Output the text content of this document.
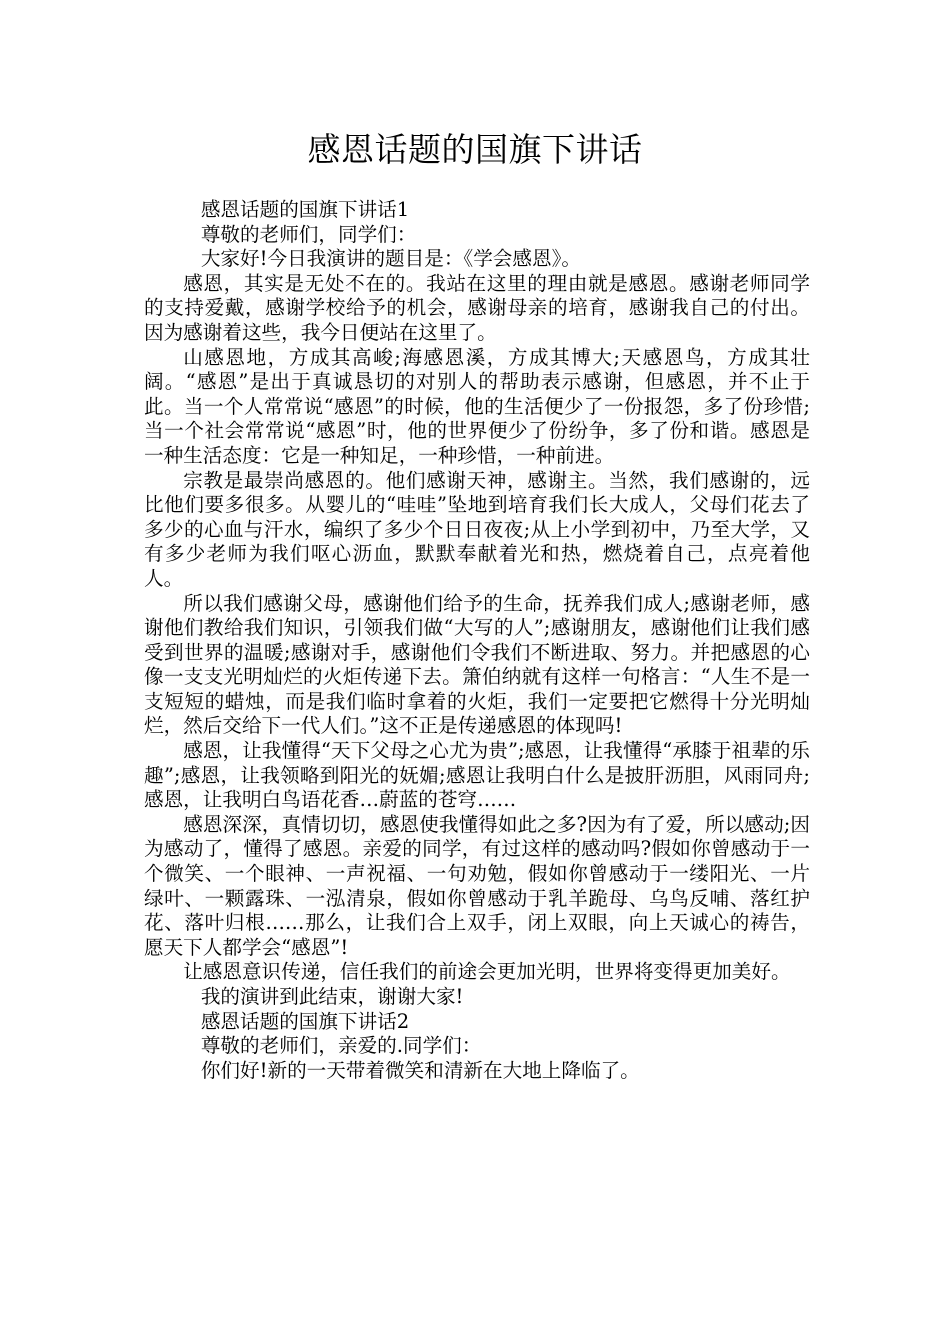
感恩话题的国旗下讲话

感恩话题的国旗下讲话1

尊敬的老师们，同学们：

大家好!今日我演讲的题目是：《学会感恩》。

感恩，其实是无处不在的。我站在这里的理由就是感恩。感谢老师同学的支持爱戴，感谢学校给予的机会，感谢母亲的培育，感谢我自己的付出。因为感谢着这些，我今日便站在这里了。

山感恩地，方成其高峻;海感恩溪，方成其博大;天感恩鸟，方成其壮阔。“感恩”是出于真诚恳切的对别人的帮助表示感谢，但感恩，并不止于此。当一个人常常说“感恩”的时候，他的生活便少了一份报怨，多了份珍惜;当一个社会常常说“感恩”时，他的世界便少了份纷争，多了份和谐。感恩是一种生活态度：它是一种知足，一种珍惜，一种前进。

宗教是最崇尚感恩的。他们感谢天神，感谢主。当然，我们感谢的，远比他们要多很多。从婴儿的“哇哇”坠地到培育我们长大成人，父母们花去了多少的心血与汗水，编织了多少个日日夜夜;从上小学到初中，乃至大学，又有多少老师为我们呕心沥血，默默奉献着光和热，燃烧着自己，点亮着他人。

所以我们感谢父母，感谢他们给予的生命，抚养我们成人;感谢老师，感谢他们教给我们知识，引领我们做“大写的人”;感谢朋友，感谢他们让我们感受到世界的温暖;感谢对手，感谢他们令我们不断进取、努力。并把感恩的心像一支支光明灿烂的火炬传递下去。箫伯纳就有这样一句格言：“人生不是一支短短的蜡烛，而是我们临时拿着的火炬，我们一定要把它燃得十分光明灿烂，然后交给下一代人们。”这不正是传递感恩的体现吗!

感恩，让我懂得“天下父母之心尤为贵”;感恩，让我懂得“承膝于祖辈的乐趣”;感恩，让我领略到阳光的妩媚;感恩让我明白什么是披肝沥胆，风雨同舟;感恩，让我明白鸟语花香…蔚蓝的苍穹……

感恩深深，真情切切，感恩使我懂得如此之多?因为有了爱，所以感动;因为感动了，懂得了感恩。亲爱的同学，有过这样的感动吗?假如你曾感动于一个微笑、一个眼神、一声祝福、一句劝勉，假如你曾感动于一缕阳光、一片绿叶、一颗露珠、一泓清泉，假如你曾感动于乳羊跪母、乌鸟反哺、落红护花、落叶归根……那么，让我们合上双手，闭上双眼，向上天诚心的祷告，愿天下人都学会“感恩”!

让感恩意识传递，信任我们的前途会更加光明，世界将变得更加美好。

我的演讲到此结束，谢谢大家!

感恩话题的国旗下讲话2

尊敬的老师们，亲爱的.同学们：

你们好!新的一天带着微笑和清新在大地上降临了。
